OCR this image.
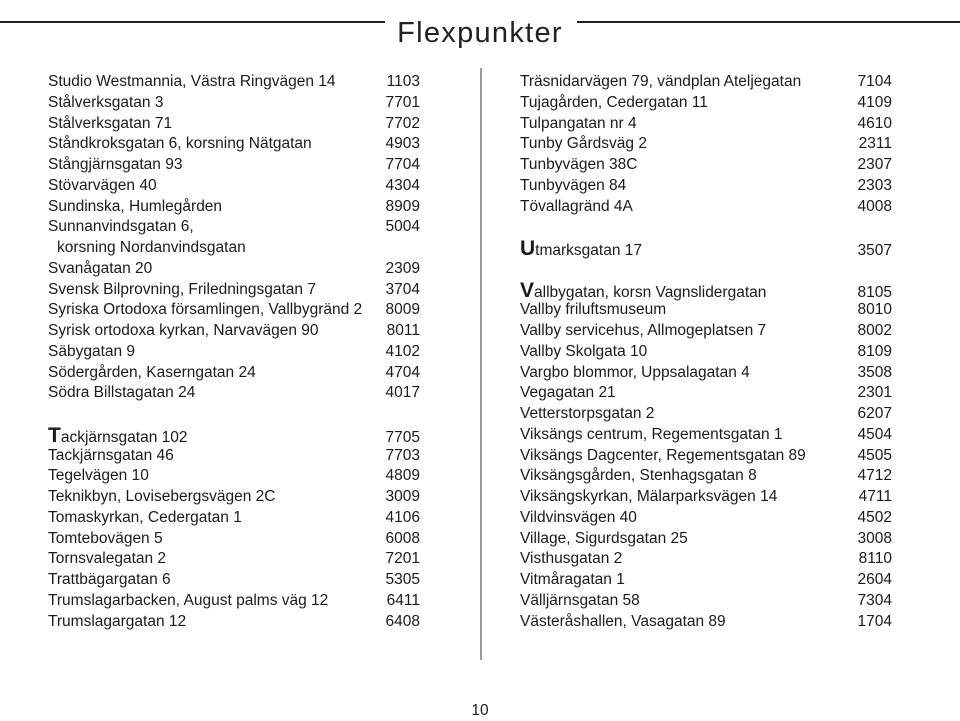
Flexpunkter
Studio Westmannia, Västra Ringvägen 14	1103
Stålverksgatan 3	7701
Stålverksgatan 71	7702
Ståndkroksgatan 6, korsning Nätgatan	4903
Stångjärnsgatan 93	7704
Stövarvägen 40	4304
Sundinska, Humlegården	8909
Sunnanvindsgatan 6,	5004
korsning Nordanvindsgatan
Svanågatan 20	2309
Svensk Bilprovning, Friledningsgatan 7	3704
Syriska Ortodoxa församlingen, Vallbygränd 2 8009
Syrisk ortodoxa kyrkan, Narvavägen 90	8011
Säbygatan 9	4102
Södergården, Kaserngatan 24	4704
Södra Billstagatan 24	4017
Tackjärnsgatan 102	7705
Tackjärnsgatan 46	7703
Tegelvägen 10	4809
Teknikbyn, Lovisebergsvägen 2C	3009
Tomaskyrkan, Cedergatan 1	4106
Tomtebovägen 5	6008
Tornsvalegatan 2	7201
Trattbägargatan 6	5305
Trumslagarbacken, August palms väg 12	6411
Trumslagargatan 12	6408
Träsnidarvägen 79, vändplan Ateljegatan	7104
Tujagården, Cedergatan 11	4109
Tulpangatan nr 4	4610
Tunby Gårdsväg 2	2311
Tunbyvägen 38C	2307
Tunbyvägen 84	2303
Tövallagränd 4A	4008
Utmarksgatan 17	3507
Vallbygatan, korsn Vagnslidergatan	8105
Vallby friluftsmuseum	8010
Vallby servicehus, Allmogeplatsen 7	8002
Vallby Skolgata 10	8109
Vargbo blommor, Uppsalagatan 4	3508
Vegagatan 21	2301
Vetterstorpsgatan 2	6207
Viksängs centrum, Regementsgatan 1	4504
Viksängs Dagcenter, Regementsgatan 89	4505
Viksängsgården, Stenhagsgatan 8	4712
Viksängskyrkan, Mälarparksvägen 14	4711
Vildvinsvägen 40	4502
Village, Sigurdsgatan 25	3008
Visthusgatan 2	8110
Vitmåragatan 1	2604
Välljärnsgatan 58	7304
Västeråshallen, Vasagatan 89	1704
10
